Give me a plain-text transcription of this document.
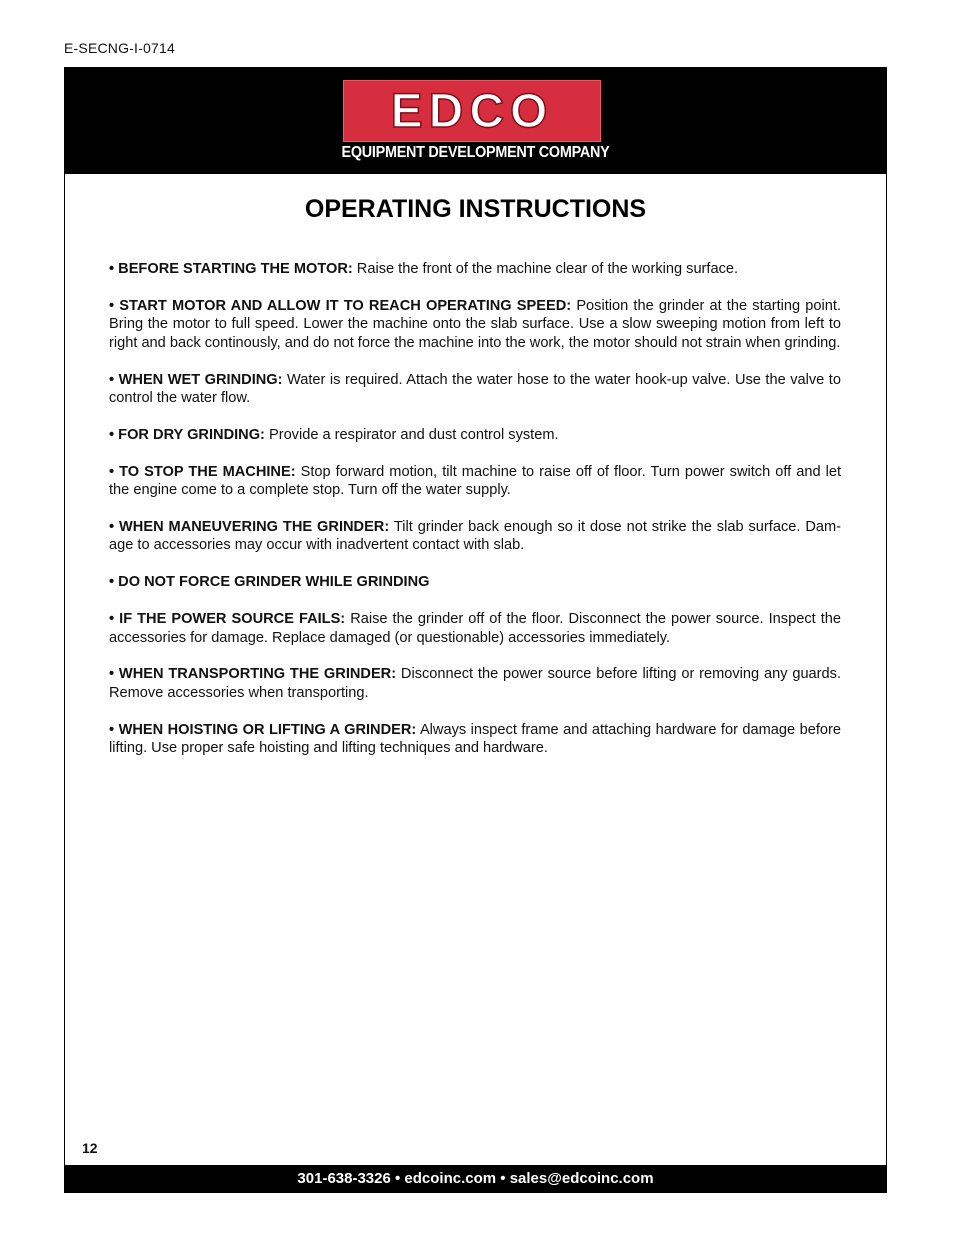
E-SECNG-I-0714
EDCO
EQUIPMENT DEVELOPMENT COMPANY
OPERATING INSTRUCTIONS

• BEFORE STARTING THE MOTOR: Raise the front of the machine clear of the working surface.

• START MOTOR AND ALLOW IT TO REACH OPERATING SPEED: Position the grinder at the starting point. Bring the motor to full speed. Lower the machine onto the slab surface. Use a slow sweeping motion from left to right and back continously, and do not force the machine into the work, the motor should not strain when grinding.

• WHEN WET GRINDING: Water is required. Attach the water hose to the water hook-up valve. Use the valve to control the water flow.

• FOR DRY GRINDING: Provide a respirator and dust control system.

• TO STOP THE MACHINE: Stop forward motion, tilt machine to raise off of floor. Turn power switch off and let the engine come to a complete stop. Turn off the water supply.

• WHEN MANEUVERING THE GRINDER: Tilt grinder back enough so it dose not strike the slab surface. Dam-age to accessories may occur with inadvertent contact with slab.

• DO NOT FORCE GRINDER WHILE GRINDING

• IF THE POWER SOURCE FAILS: Raise the grinder off of the floor. Disconnect the power source. Inspect the accessories for damage. Replace damaged (or questionable) accessories immediately.

• WHEN TRANSPORTING THE GRINDER: Disconnect the power source before lifting or removing any guards. Remove accessories when transporting.

• WHEN HOISTING OR LIFTING A GRINDER: Always inspect frame and attaching hardware for damage before lifting. Use proper safe hoisting and lifting techniques and hardware.

12
301-638-3326 • edcoinc.com • sales@edcoinc.com
